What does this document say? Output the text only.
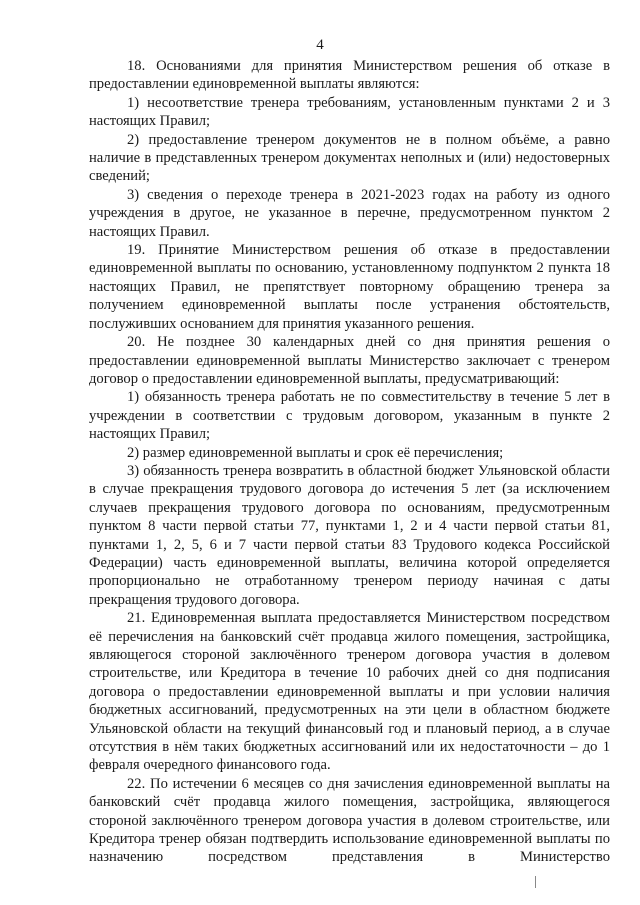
4

18. Основаниями для принятия Министерством решения об отказе в предоставлении единовременной выплаты являются:

1) несоответствие тренера требованиям, установленным пунктами 2 и 3 настоящих Правил;

2) предоставление тренером документов не в полном объёме, а равно наличие в представленных тренером документах неполных и (или) недостоверных сведений;

3) сведения о переходе тренера в 2021-2023 годах на работу из одного учреждения в другое, не указанное в перечне, предусмотренном пунктом 2 настоящих Правил.

19. Принятие Министерством решения об отказе в предоставлении единовременной выплаты по основанию, установленному подпунктом 2 пункта 18 настоящих Правил, не препятствует повторному обращению тренера за получением единовременной выплаты после устранения обстоятельств, послуживших основанием для принятия указанного решения.

20. Не позднее 30 календарных дней со дня принятия решения о предоставлении единовременной выплаты Министерство заключает с тренером договор о предоставлении единовременной выплаты, предусматривающий:

1) обязанность тренера работать не по совместительству в течение 5 лет в учреждении в соответствии с трудовым договором, указанным в пункте 2 настоящих Правил;

2) размер единовременной выплаты и срок её перечисления;

3) обязанность тренера возвратить в областной бюджет Ульяновской области в случае прекращения трудового договора до истечения 5 лет (за исключением случаев прекращения трудового договора по основаниям, предусмотренным пунктом 8 части первой статьи 77, пунктами 1, 2 и 4 части первой статьи 81, пунктами 1, 2, 5, 6 и 7 части первой статьи 83 Трудового кодекса Российской Федерации) часть единовременной выплаты, величина которой определяется пропорционально не отработанному тренером периоду начиная с даты прекращения трудового договора.

21. Единовременная выплата предоставляется Министерством посредством её перечисления на банковский счёт продавца жилого помещения, застройщика, являющегося стороной заключённого тренером договора участия в долевом строительстве, или Кредитора в течение 10 рабочих дней со дня подписания договора о предоставлении единовременной выплаты и при условии наличия бюджетных ассигнований, предусмотренных на эти цели в областном бюджете Ульяновской области на текущий финансовый год и плановый период, а в случае отсутствия в нём таких бюджетных ассигнований или их недостаточности – до 1 февраля очередного финансового года.

22. По истечении 6 месяцев со дня зачисления единовременной выплаты на банковский счёт продавца жилого помещения, застройщика, являющегося стороной заключённого тренером договора участия в долевом строительстве, или Кредитора тренер обязан подтвердить использование единовременной выплаты по назначению посредством представления в Министерство
